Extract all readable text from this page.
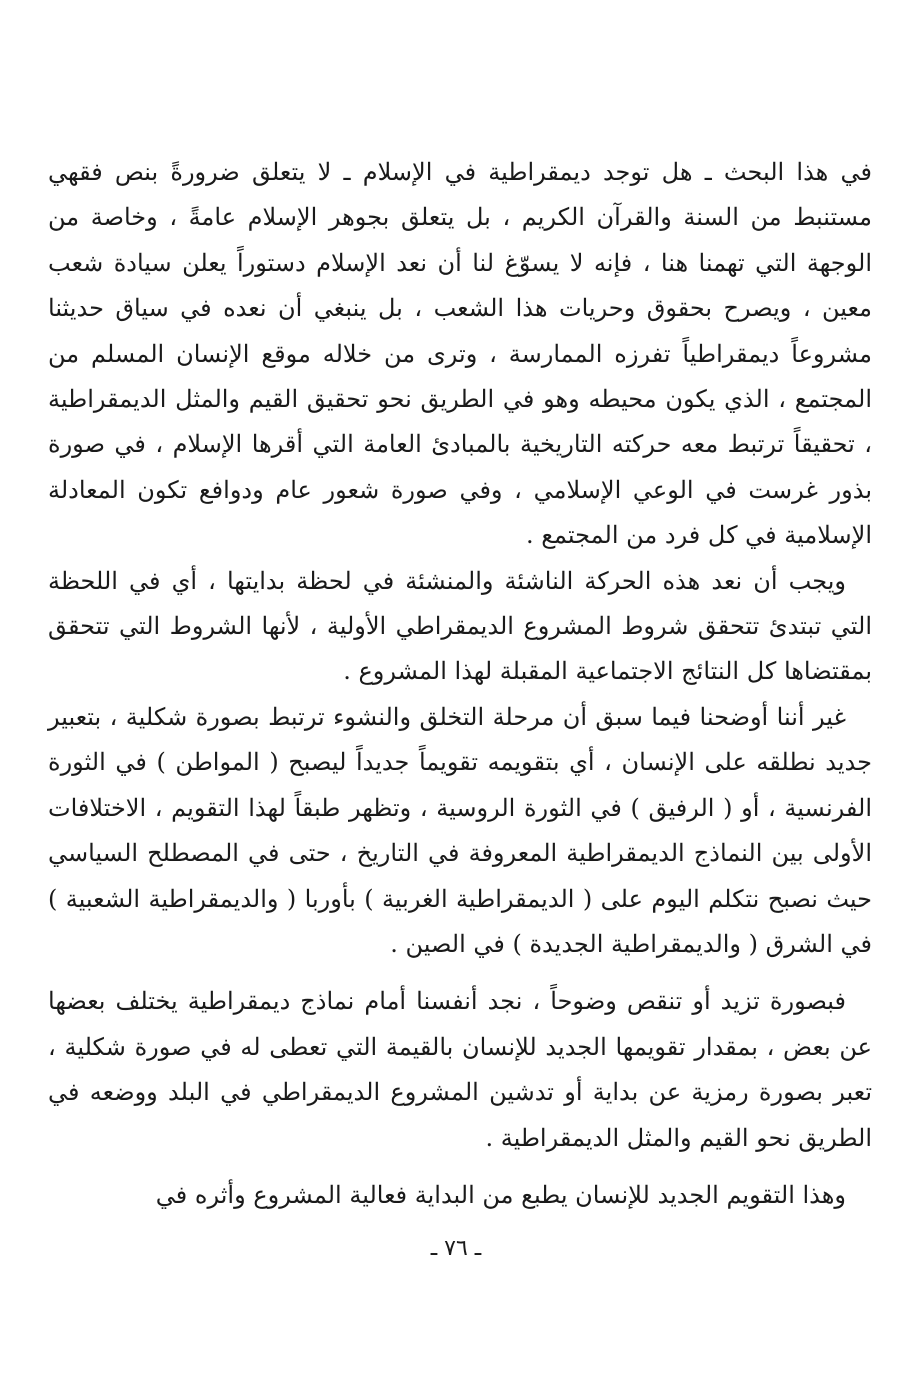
في هذا البحث ـ هل توجد ديمقراطية في الإسلام ـ لا يتعلق ضرورةً بنص فقهي مستنبط من السنة والقرآن الكريم ، بل يتعلق بجوهر الإسلام عامةً ، وخاصة من الوجهة التي تهمنا هنا ، فإنه لا يسوّغ لنا أن نعد الإسلام دستوراً يعلن سيادة شعب معين ، ويصرح بحقوق وحريات هذا الشعب ، بل ينبغي أن نعده في سياق حديثنا مشروعاً ديمقراطياً تفرزه الممارسة ، وترى من خلاله موقع الإنسان المسلم من المجتمع ، الذي يكون محيطه وهو في الطريق نحو تحقيق القيم والمثل الديمقراطية ، تحقيقاً ترتبط معه حركته التاريخية بالمبادئ العامة التي أقرها الإسلام ، في صورة بذور غرست في الوعي الإسلامي ، وفي صورة شعور عام ودوافع تكون المعادلة الإسلامية في كل فرد من المجتمع .

ويجب أن نعد هذه الحركة الناشئة والمنشئة في لحظة بدايتها ، أي في اللحظة التي تبتدئ تتحقق شروط المشروع الديمقراطي الأولية ، لأنها الشروط التي تتحقق بمقتضاها كل النتائج الاجتماعية المقبلة لهذا المشروع .

غير أننا أوضحنا فيما سبق أن مرحلة التخلق والنشوء ترتبط بصورة شكلية ، بتعبير جديد نطلقه على الإنسان ، أي بتقويمه تقويماً جديداً ليصبح ( المواطن ) في الثورة الفرنسية ، أو ( الرفيق ) في الثورة الروسية ، وتظهر طبقاً لهذا التقويم ، الاختلافات الأولى بين النماذج الديمقراطية المعروفة في التاريخ ، حتى في المصطلح السياسي حيث نصبح نتكلم اليوم على ( الديمقراطية الغربية ) بأوربا ( والديمقراطية الشعبية ) في الشرق ( والديمقراطية الجديدة ) في الصين .

فبصورة تزيد أو تنقص وضوحاً ، نجد أنفسنا أمام نماذج ديمقراطية يختلف بعضها عن بعض ، بمقدار تقويمها الجديد للإنسان بالقيمة التي تعطى له في صورة شكلية ، تعبر بصورة رمزية عن بداية أو تدشين المشروع الديمقراطي في البلد ووضعه في الطريق نحو القيم والمثل الديمقراطية .

وهذا التقويم الجديد للإنسان يطبع من البداية فعالية المشروع وأثره في

ـ ٧٦ ـ
